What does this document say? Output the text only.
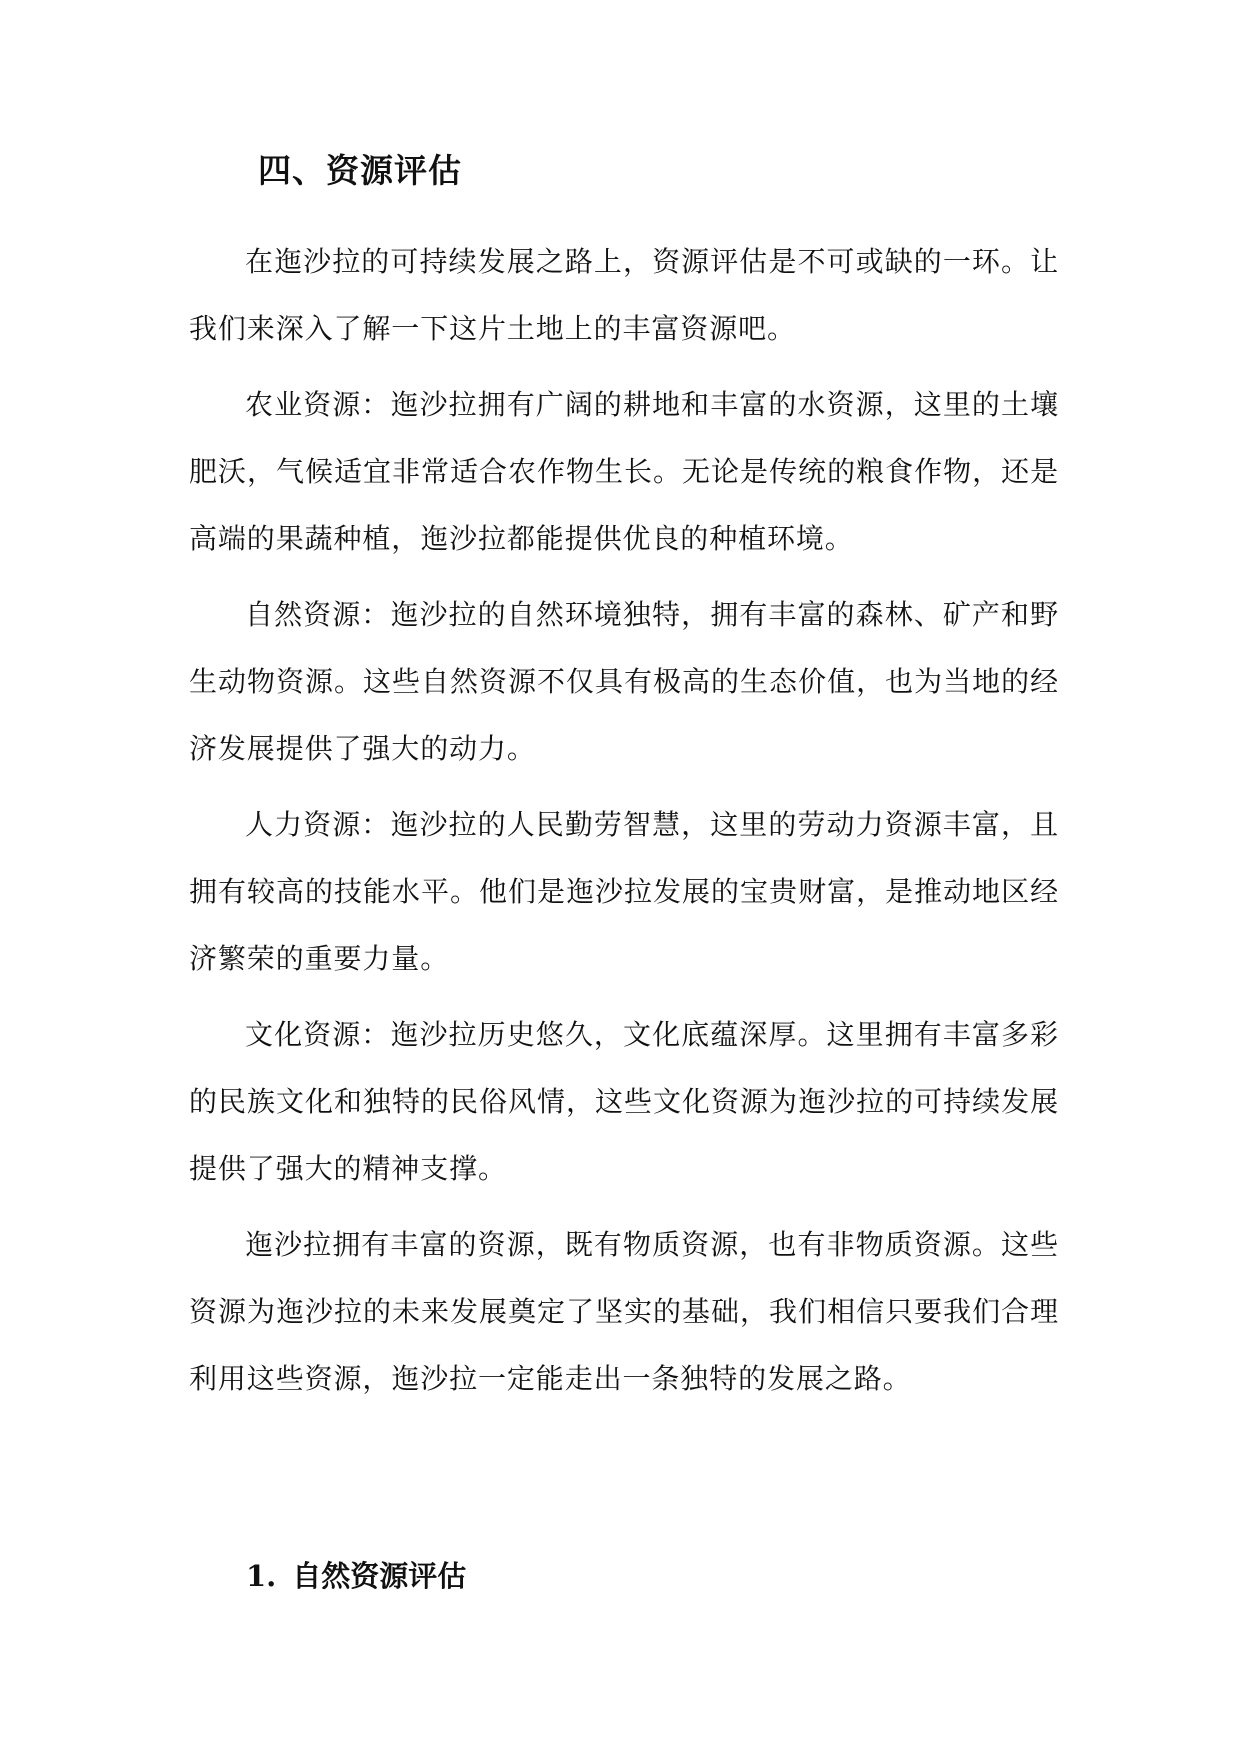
四、资源评估

在迤沙拉的可持续发展之路上，资源评估是不可或缺的一环。让我们来深入了解一下这片土地上的丰富资源吧。

农业资源：迤沙拉拥有广阔的耕地和丰富的水资源，这里的土壤肥沃，气候适宜非常适合农作物生长。无论是传统的粮食作物，还是高端的果蔬种植，迤沙拉都能提供优良的种植环境。

自然资源：迤沙拉的自然环境独特，拥有丰富的森林、矿产和野生动物资源。这些自然资源不仅具有极高的生态价值，也为当地的经济发展提供了强大的动力。

人力资源：迤沙拉的人民勤劳智慧，这里的劳动力资源丰富，且拥有较高的技能水平。他们是迤沙拉发展的宝贵财富，是推动地区经济繁荣的重要力量。

文化资源：迤沙拉历史悠久，文化底蕴深厚。这里拥有丰富多彩的民族文化和独特的民俗风情，这些文化资源为迤沙拉的可持续发展提供了强大的精神支撑。

迤沙拉拥有丰富的资源，既有物质资源，也有非物质资源。这些资源为迤沙拉的未来发展奠定了坚实的基础，我们相信只要我们合理利用这些资源，迤沙拉一定能走出一条独特的发展之路。

1. 自然资源评估
